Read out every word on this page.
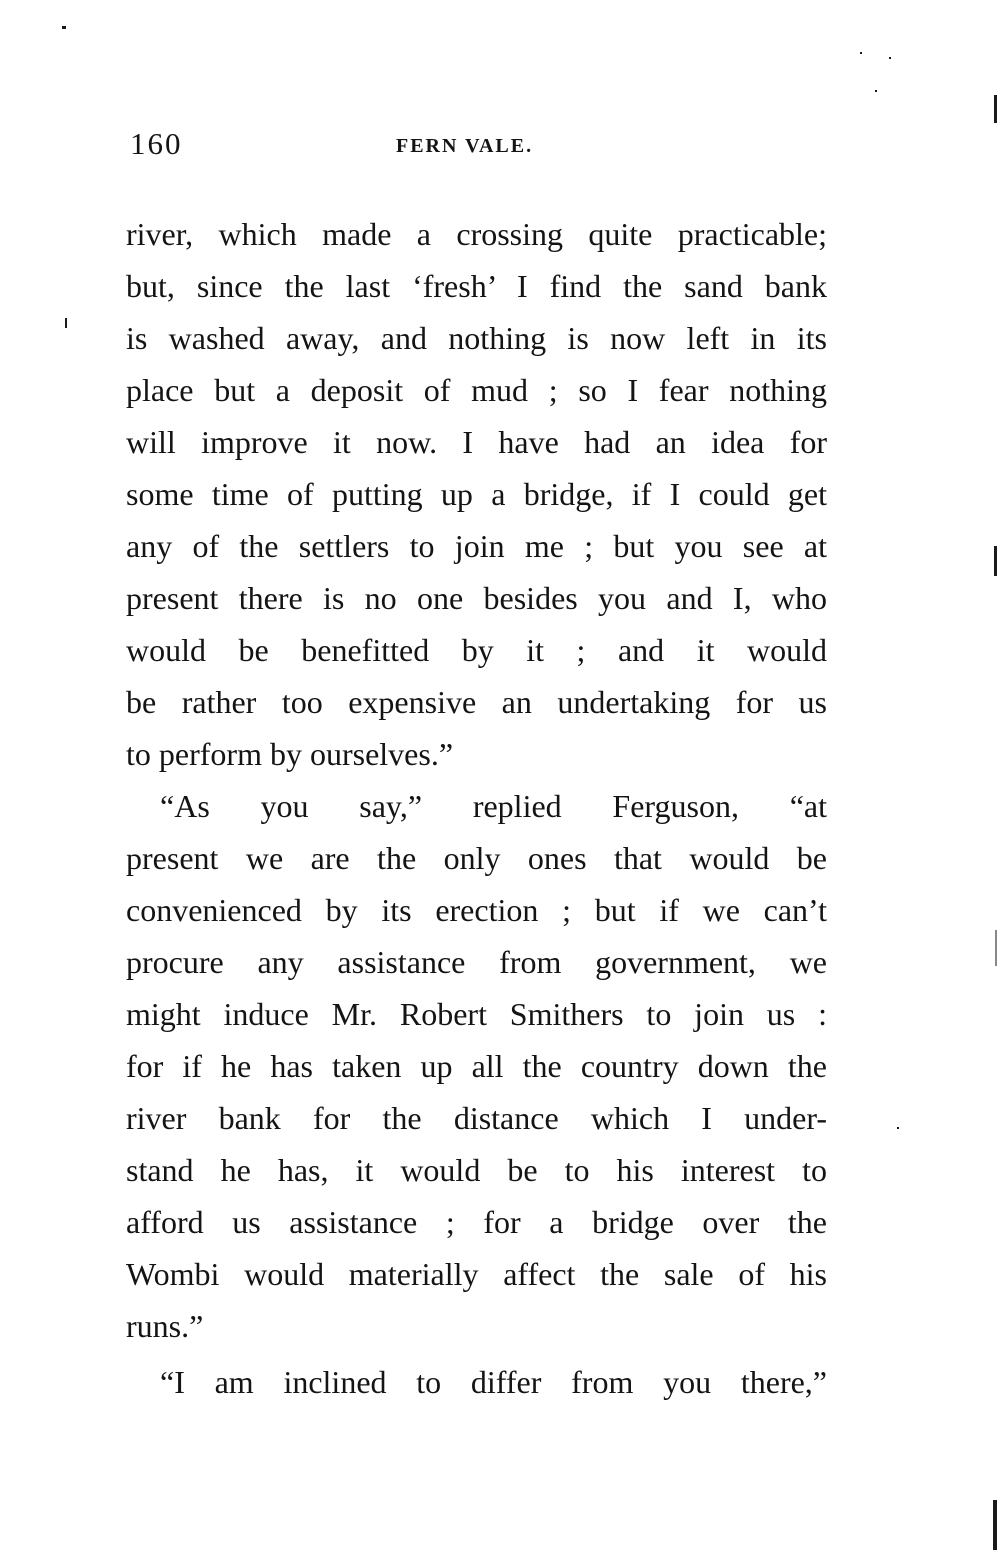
160	FERN VALE.
river, which made a crossing quite practicable;
but, since the last ‘fresh’ I find the sand bank
is washed away, and nothing is now left in its
place but a deposit of mud ; so I fear nothing
will improve it now. I have had an idea for
some time of putting up a bridge, if I could get
any of the settlers to join me ; but you see at
present there is no one besides you and I, who
would be benefitted by it ; and it would
be rather too expensive an undertaking for us
to perform by ourselves.”
“As you say,” replied Ferguson, “at
present we are the only ones that would be
convenienced by its erection ; but if we can’t
procure any assistance from government, we
might induce Mr. Robert Smithers to join us :
for if he has taken up all the country down the
river bank for the distance which I under-
stand he has, it would be to his interest to
afford us assistance ; for a bridge over the
Wombi would materially affect the sale of his
runs.”
“I am inclined to differ from you there,”
